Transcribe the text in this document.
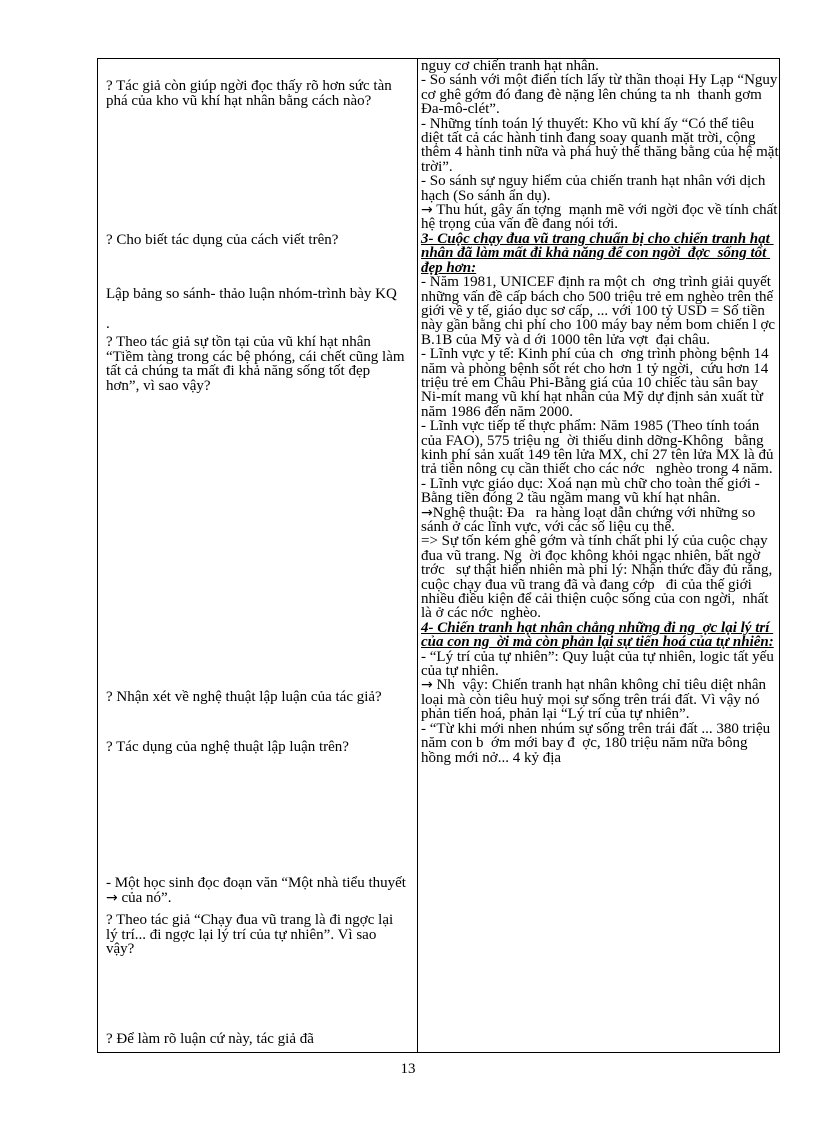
? Tác giả còn giúp ngời đọc thấy rõ hơn sức tàn phá của kho vũ khí hạt nhân bằng cách nào?

? Cho biết tác dụng của cách viết trên?

Lập bảng so sánh- thảo luận nhóm-trình bày KQ

.

? Theo tác giả sự tồn tại của vũ khí hạt nhân “Tiềm tàng trong các bệ phóng, cái chết cũng làm tất cả chúng ta mất đi khả năng sống tốt đẹp hơn”, vì sao vậy?

? Nhận xét về nghệ thuật lập luận của tác giả?

? Tác dụng của nghệ thuật lập luận trên?

- Một học sinh đọc đoạn văn “Một nhà tiểu thuyết → của nó”.

? Theo tác giả “Chạy đua vũ trang là đi ngợc lại lý trí... đi ngợc lại lý trí của tự nhiên”. Vì sao vậy?

? Để làm rõ luận cứ này, tác giả đã

nguy cơ chiến tranh hạt nhân.

- So sánh với một điển tích lấy từ thần thoại Hy Lạp “Nguy cơ ghê gớm đó đang đè nặng lên chúng ta nh  thanh gơm  Đa-mô-clét”.

- Những tính toán lý thuyết: Kho vũ khí ấy “Có thể tiêu diệt tất cả các hành tinh đang soay quanh mặt trời, cộng thêm 4 hành tinh nữa và phá huỷ thế thăng bằng của hệ mặt trời”.

- So sánh sự nguy hiểm của chiến tranh hạt nhân với dịch hạch (So sánh ẩn dụ).

→ Thu hút, gây ấn tợng  mạnh mẽ với ngời đọc về tính chất hệ trọng của vấn đề đang nói tới.

3- Cuộc chạy đua vũ trang chuẩn bị cho chiến tranh hạt nhân đã làm mất đi khả năng để con ngời  đợc  sống tốt đẹp hơn:

- Năm 1981, UNICEF định ra một ch  ơng trình giải quyết những vấn đề cấp bách cho 500 triệu trẻ em nghèo trên thế giới về y tế, giáo dục sơ cấp, ... với 100 tỷ USD = Số tiền này gần bằng chi phí cho 100 máy bay ném bom chiến l ợc B.1B của Mỹ và d ới 1000 tên lửa vợt  đại châu.

- Lĩnh vực y tế: Kinh phí của ch  ơng trình phòng bệnh 14 năm và phòng bệnh sốt rét cho hơn 1 tỷ ngời,  cứu hơn 14 triệu trẻ em Châu Phi-Bằng giá của 10 chiếc tàu sân bay Ni-mít mang vũ khí hạt nhân của Mỹ dự định sản xuất từ năm 1986 đến năm 2000.

- Lĩnh vực tiếp tế thực phẩm: Năm 1985 (Theo tính toán của FAO), 575 triệu ng  ời thiếu dinh dỡng-Không   bằng kinh phí sản xuất 149 tên lửa MX, chỉ 27 tên lửa MX là đủ trả tiền nông cụ cần thiết cho các nớc   nghèo trong 4 năm.

- Lĩnh vực giáo dục: Xoá nạn mù chữ cho toàn thế giới - Bằng tiền đóng 2 tầu ngầm mang vũ khí hạt nhân.

→Nghệ thuật: Đa   ra hàng loạt dẫn chứng với những so sánh ở các lĩnh vực, với các số liệu cụ thể.

=> Sự tốn kém ghê gớm và tính chất phi lý của cuộc chạy đua vũ trang. Ng  ời đọc không khỏi ngạc nhiên, bất ngờ trớc   sự thật hiển nhiên mà phi lý: Nhận thức đầy đủ rằng, cuộc chạy đua vũ trang đã và đang cớp   đi của thế giới nhiều điều kiện để cải thiện cuộc sống của con ngời,  nhất là ở các nớc  nghèo.

4- Chiến tranh hạt nhân chẳng những đi ng  ợc lại lý trí của con ng  ời mà còn phản lại sự tiến hoá của tự nhiên:

- “Lý trí của tự nhiên”: Quy luật của tự nhiên, logic tất yếu của tự nhiên.

→ Nh  vậy: Chiến tranh hạt nhân không chỉ tiêu diệt nhân loại mà còn tiêu huỷ mọi sự sống trên trái đất. Vì vậy nó phản tiến hoá, phản lại “Lý trí của tự nhiên”.

- “Từ khi mới nhen nhúm sự sống trên trái đất ... 380 triệu năm con b  ớm mới bay đ  ợc, 180 triệu năm nữa bông hồng mới nở... 4 kỷ địa

13
